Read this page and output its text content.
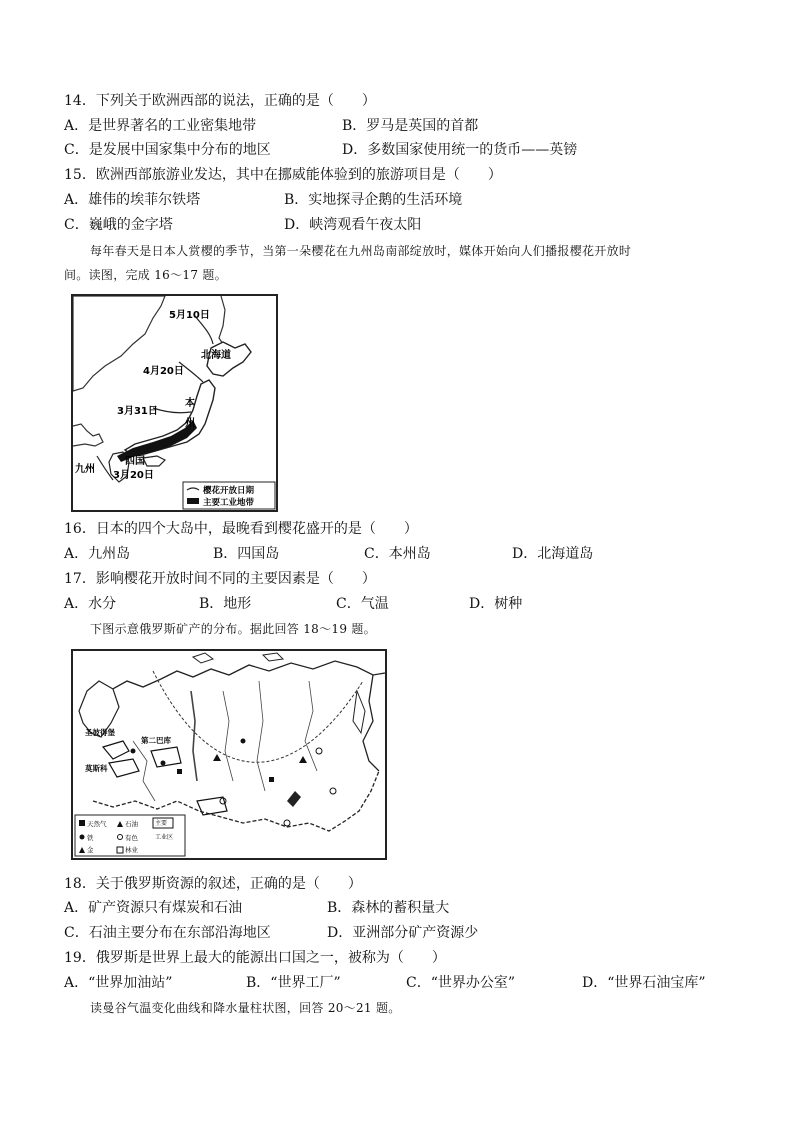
14．下列关于欧洲西部的说法，正确的是（　　）
A．是世界著名的工业密集地带	B．罗马是英国的首都
C．是发展中国家集中分布的地区	D．多数国家使用统一的货币——英镑
15．欧洲西部旅游业发达，其中在挪威能体验到的旅游项目是（　　）
A．雄伟的埃菲尔铁塔	B．实地探寻企鹅的生活环境
C．巍峨的金字塔	D．峡湾观看午夜太阳
每年春天是日本人赏樱的季节，当第一朵樱花在九州岛南部绽放时，媒体开始向人们播报樱花开放时
间。读图，完成 16～17 题。
5月10日
北海道
4月20日
本
州
3月31日
四国
九州
3月20日
樱花开放日期
主要工业地带
16．日本的四个大岛中，最晚看到樱花盛开的是（　　）
A．九州岛	B．四国岛	C．本州岛	D．北海道岛
17．影响樱花开放时间不同的主要因素是（　　）
A．水分	B．地形	C．气温	D．树种
下图示意俄罗斯矿产的分布。据此回答 18～19 题。
圣彼得堡
莫斯科
第二巴库
天然气	石油	主要
铁	有色	工业区
金	林业
18．关于俄罗斯资源的叙述，正确的是（　　）
A．矿产资源只有煤炭和石油	B．森林的蓄积量大
C．石油主要分布在东部沿海地区	D．亚洲部分矿产资源少
19．俄罗斯是世界上最大的能源出口国之一，被称为（　　）
A．“世界加油站”	B．“世界工厂”	C．“世界办公室”	D．“世界石油宝库”
读曼谷气温变化曲线和降水量柱状图，回答 20～21 题。
